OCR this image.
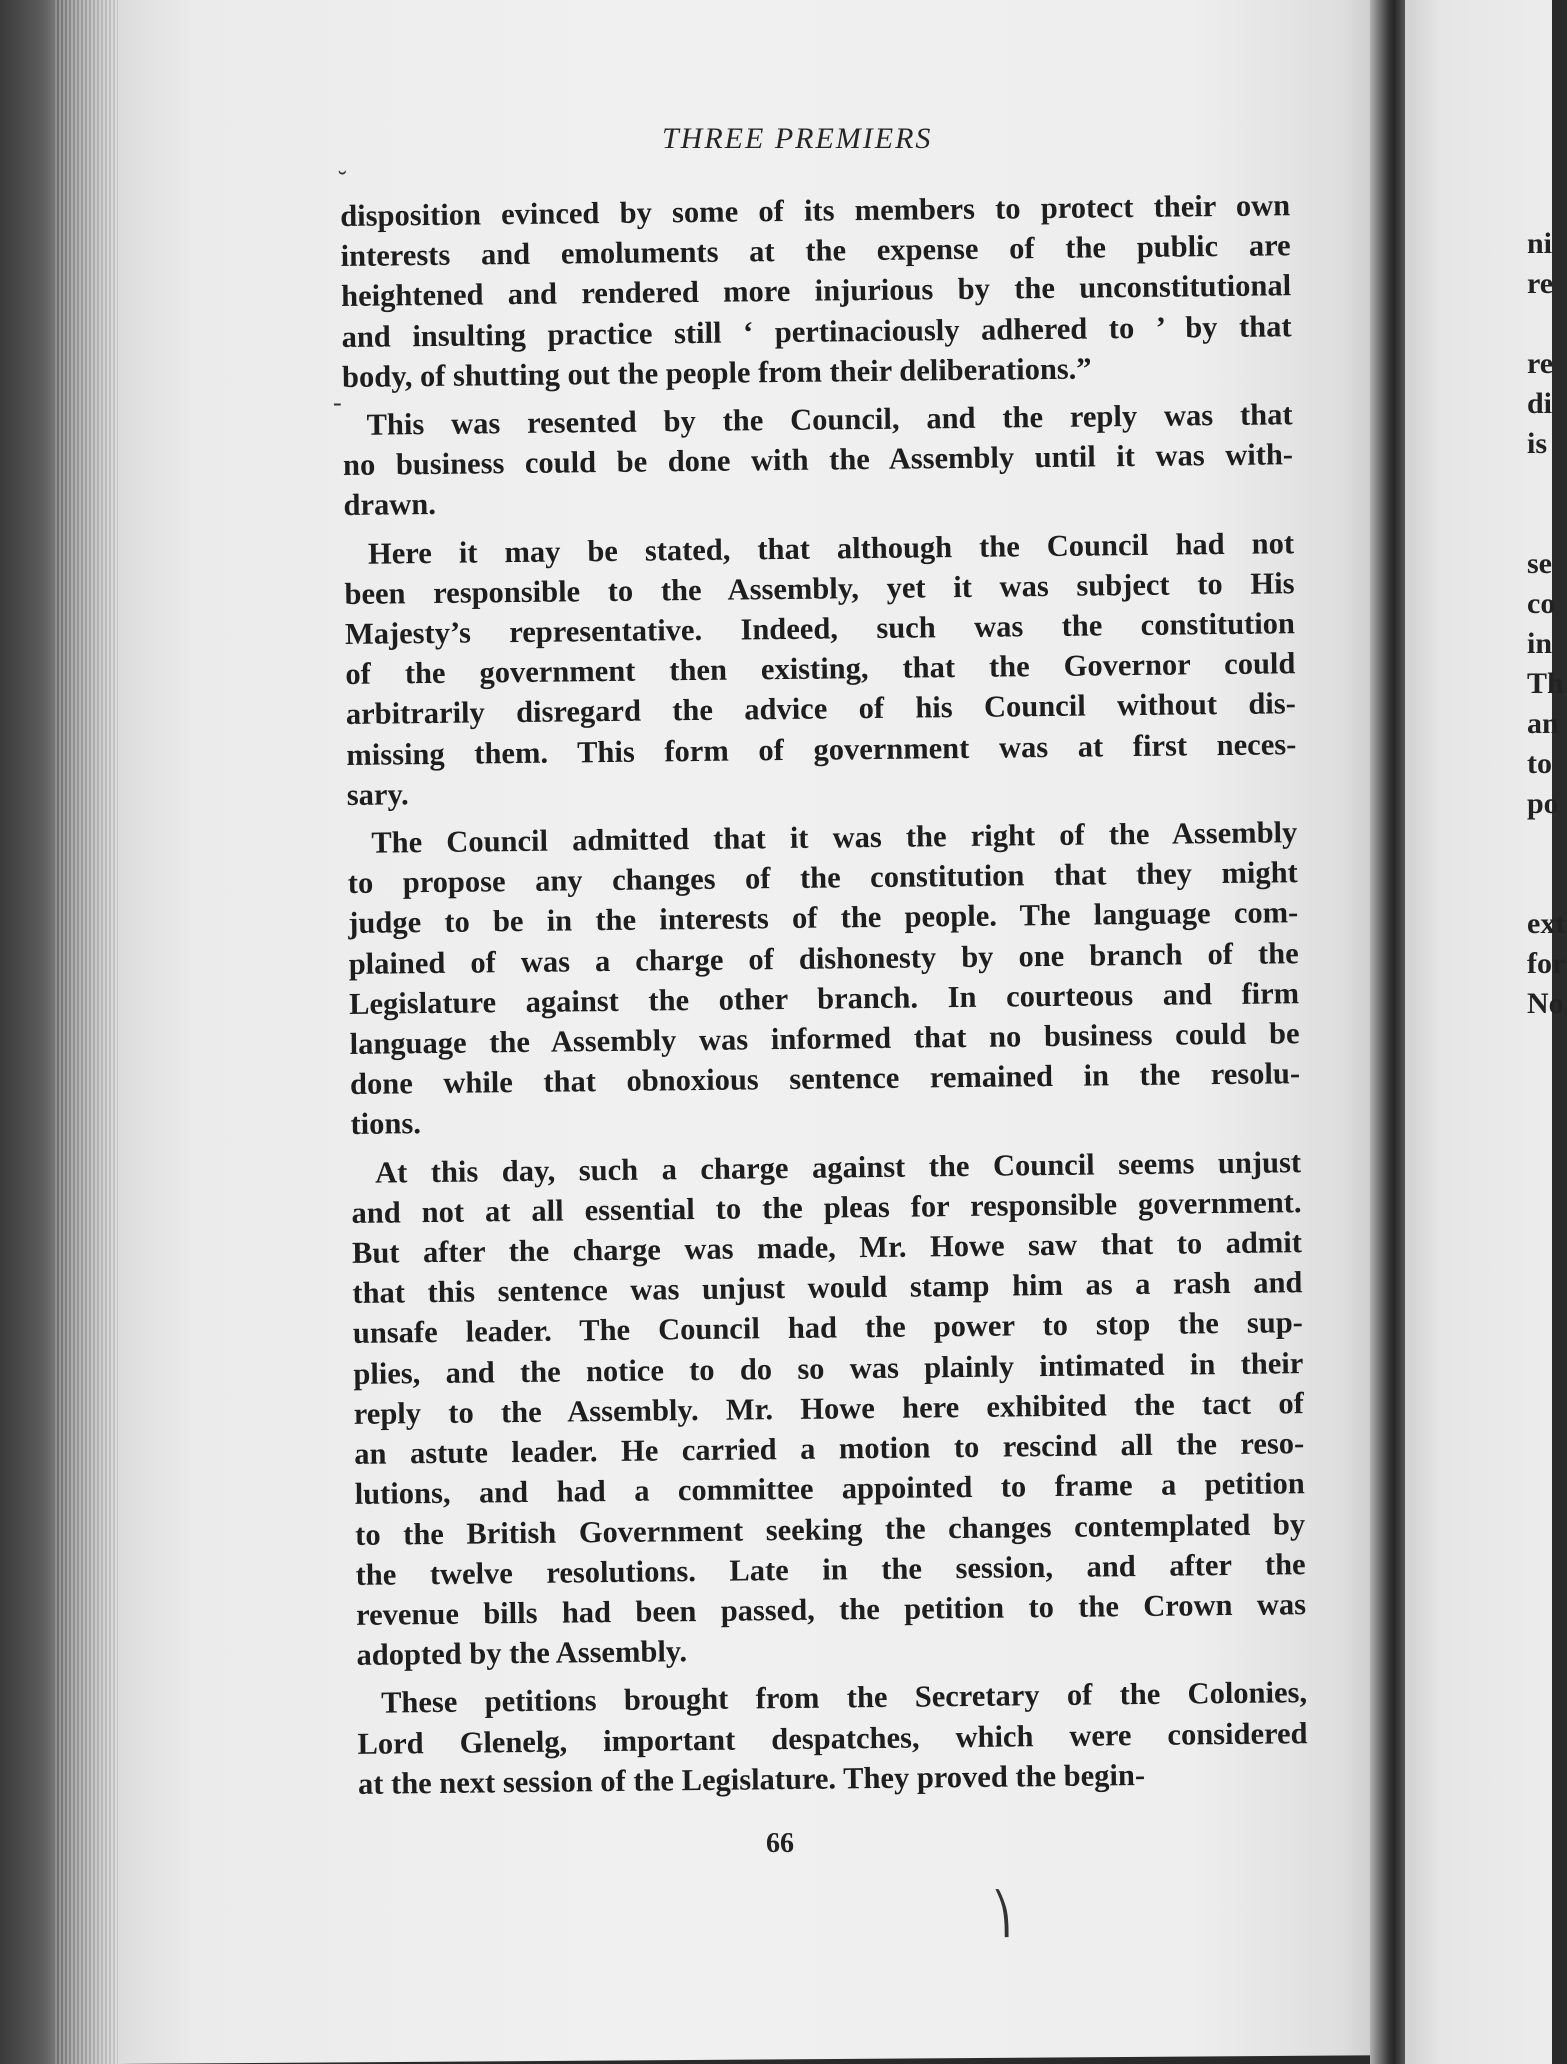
THREE PREMIERS
disposition evinced by some of its members to protect their own
interests and emoluments at the expense of the public are
heightened and rendered more injurious by the unconstitutional
and insulting practice still ‘ pertinaciously adhered to ’ by that
body, of shutting out the people from their deliberations.”
This was resented by the Council, and the reply was that
no business could be done with the Assembly until it was with-
drawn.
Here it may be stated, that although the Council had not
been responsible to the Assembly, yet it was subject to His
Majesty’s representative. Indeed, such was the constitution
of the government then existing, that the Governor could
arbitrarily disregard the advice of his Council without dis-
missing them. This form of government was at first neces-
sary.
The Council admitted that it was the right of the Assembly
to propose any changes of the constitution that they might
judge to be in the interests of the people. The language com-
plained of was a charge of dishonesty by one branch of the
Legislature against the other branch. In courteous and firm
language the Assembly was informed that no business could be
done while that obnoxious sentence remained in the resolu-
tions.
At this day, such a charge against the Council seems unjust
and not at all essential to the pleas for responsible government.
But after the charge was made, Mr. Howe saw that to admit
that this sentence was unjust would stamp him as a rash and
unsafe leader. The Council had the power to stop the sup-
plies, and the notice to do so was plainly intimated in their
reply to the Assembly. Mr. Howe here exhibited the tact of
an astute leader. He carried a motion to rescind all the reso-
lutions, and had a committee appointed to frame a petition
to the British Government seeking the changes contemplated by
the twelve resolutions. Late in the session, and after the
revenue bills had been passed, the petition to the Crown was
adopted by the Assembly.
These petitions brought from the Secretary of the Colonies,
Lord Glenelg, important despatches, which were considered
at the next session of the Legislature. They proved the begin-
66
ni
re
re
di
is
se
co
in
Th
an
to
po
ext
for
No
˘
-
⎞
